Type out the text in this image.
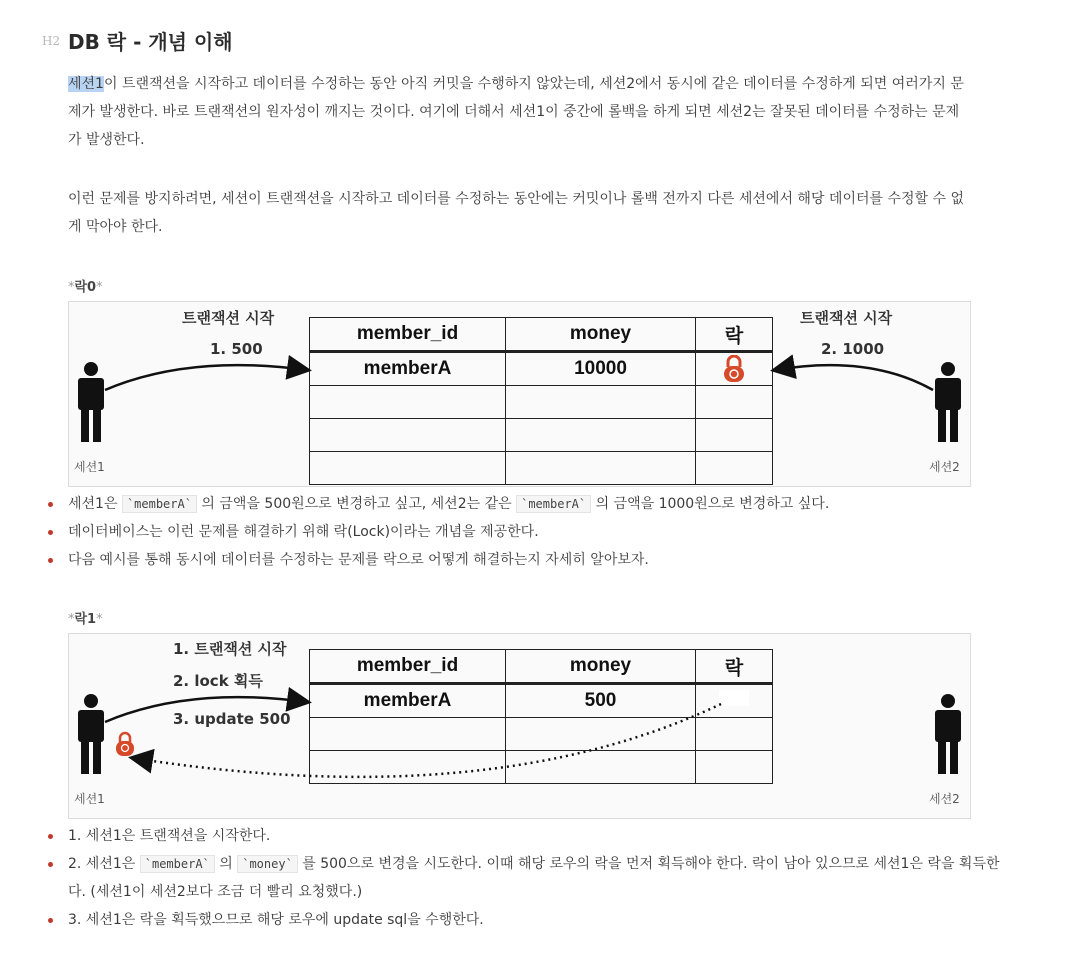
H2 DB 락 - 개념 이해

세션1이 트랜잭션을 시작하고 데이터를 수정하는 동안 아직 커밋을 수행하지 않았는데, 세션2에서 동시에 같은 데이터를 수정하게 되면 여러가지 문제가 발생한다. 바로 트랜잭션의 원자성이 깨지는 것이다. 여기에 더해서 세션1이 중간에 롤백을 하게 되면 세션2는 잘못된 데이터를 수정하는 문제가 발생한다.

이런 문제를 방지하려면, 세션이 트랜잭션을 시작하고 데이터를 수정하는 동안에는 커밋이나 롤백 전까지 다른 세션에서 해당 데이터를 수정할 수 없게 막아야 한다.

*락0*
member_id	money	락
memberA	10000	

트랜잭션 시작
1. 500
트랜잭션 시작
2. 1000
세션1	세션2
세션1은 `memberA` 의 금액을 500원으로 변경하고 싶고, 세션2는 같은 `memberA` 의 금액을 1000원으로 변경하고 싶다.
데이터베이스는 이런 문제를 해결하기 위해 락(Lock)이라는 개념을 제공한다.
다음 예시를 통해 동시에 데이터를 수정하는 문제를 락으로 어떻게 해결하는지 자세히 알아보자.
*락1*
member_id	money	락
memberA	500	

1. 트랜잭션 시작
2. lock 획득
3. update 500
세션1	세션2
1. 세션1은 트랜잭션을 시작한다.
2. 세션1은 `memberA` 의 `money` 를 500으로 변경을 시도한다. 이때 해당 로우의 락을 먼저 획득해야 한다. 락이 남아 있으므로 세션1은 락을 획득한다. (세션1이 세션2보다 조금 더 빨리 요청했다.)
3. 세션1은 락을 획득했으므로 해당 로우에 update sql을 수행한다.
